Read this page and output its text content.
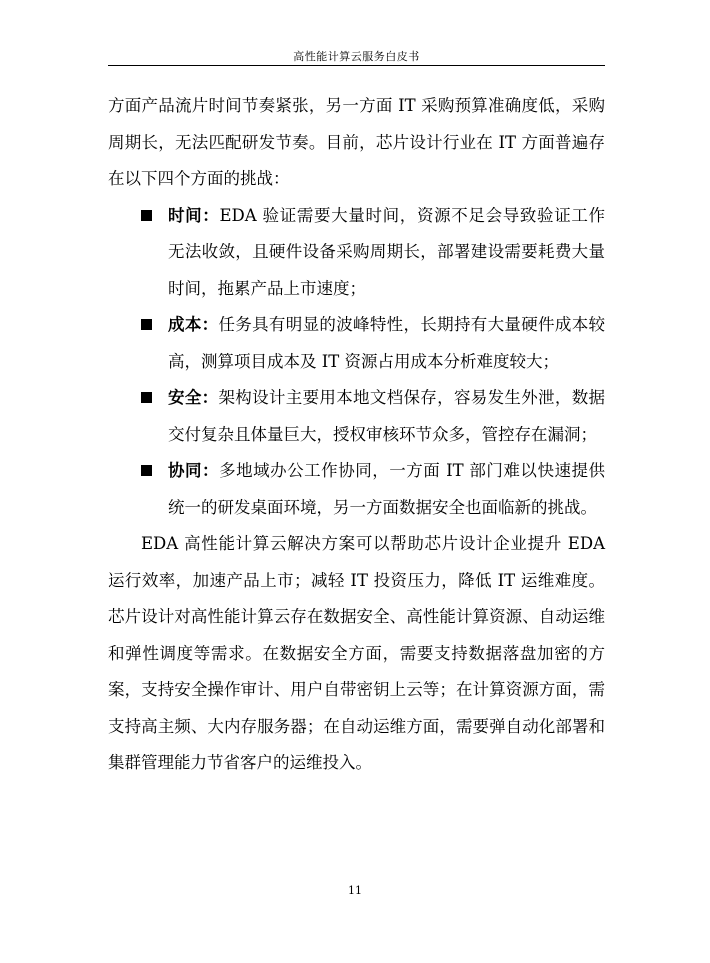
高性能计算云服务白皮书

方面产品流片时间节奏紧张，另一方面 IT 采购预算准确度低，采购周期长，无法匹配研发节奏。目前，芯片设计行业在 IT 方面普遍存在以下四个方面的挑战：

时间：EDA 验证需要大量时间，资源不足会导致验证工作无法收敛，且硬件设备采购周期长，部署建设需要耗费大量时间，拖累产品上市速度；
成本：任务具有明显的波峰特性，长期持有大量硬件成本较高，测算项目成本及 IT 资源占用成本分析难度较大；
安全：架构设计主要用本地文档保存，容易发生外泄，数据交付复杂且体量巨大，授权审核环节众多，管控存在漏洞；
协同：多地域办公工作协同，一方面 IT 部门难以快速提供统一的研发桌面环境，另一方面数据安全也面临新的挑战。

EDA 高性能计算云解决方案可以帮助芯片设计企业提升 EDA 运行效率，加速产品上市；减轻 IT 投资压力，降低 IT 运维难度。芯片设计对高性能计算云存在数据安全、高性能计算资源、自动运维和弹性调度等需求。在数据安全方面，需要支持数据落盘加密的方案，支持安全操作审计、用户自带密钥上云等；在计算资源方面，需支持高主频、大内存服务器；在自动运维方面，需要弹自动化部署和集群管理能力节省客户的运维投入。

11
